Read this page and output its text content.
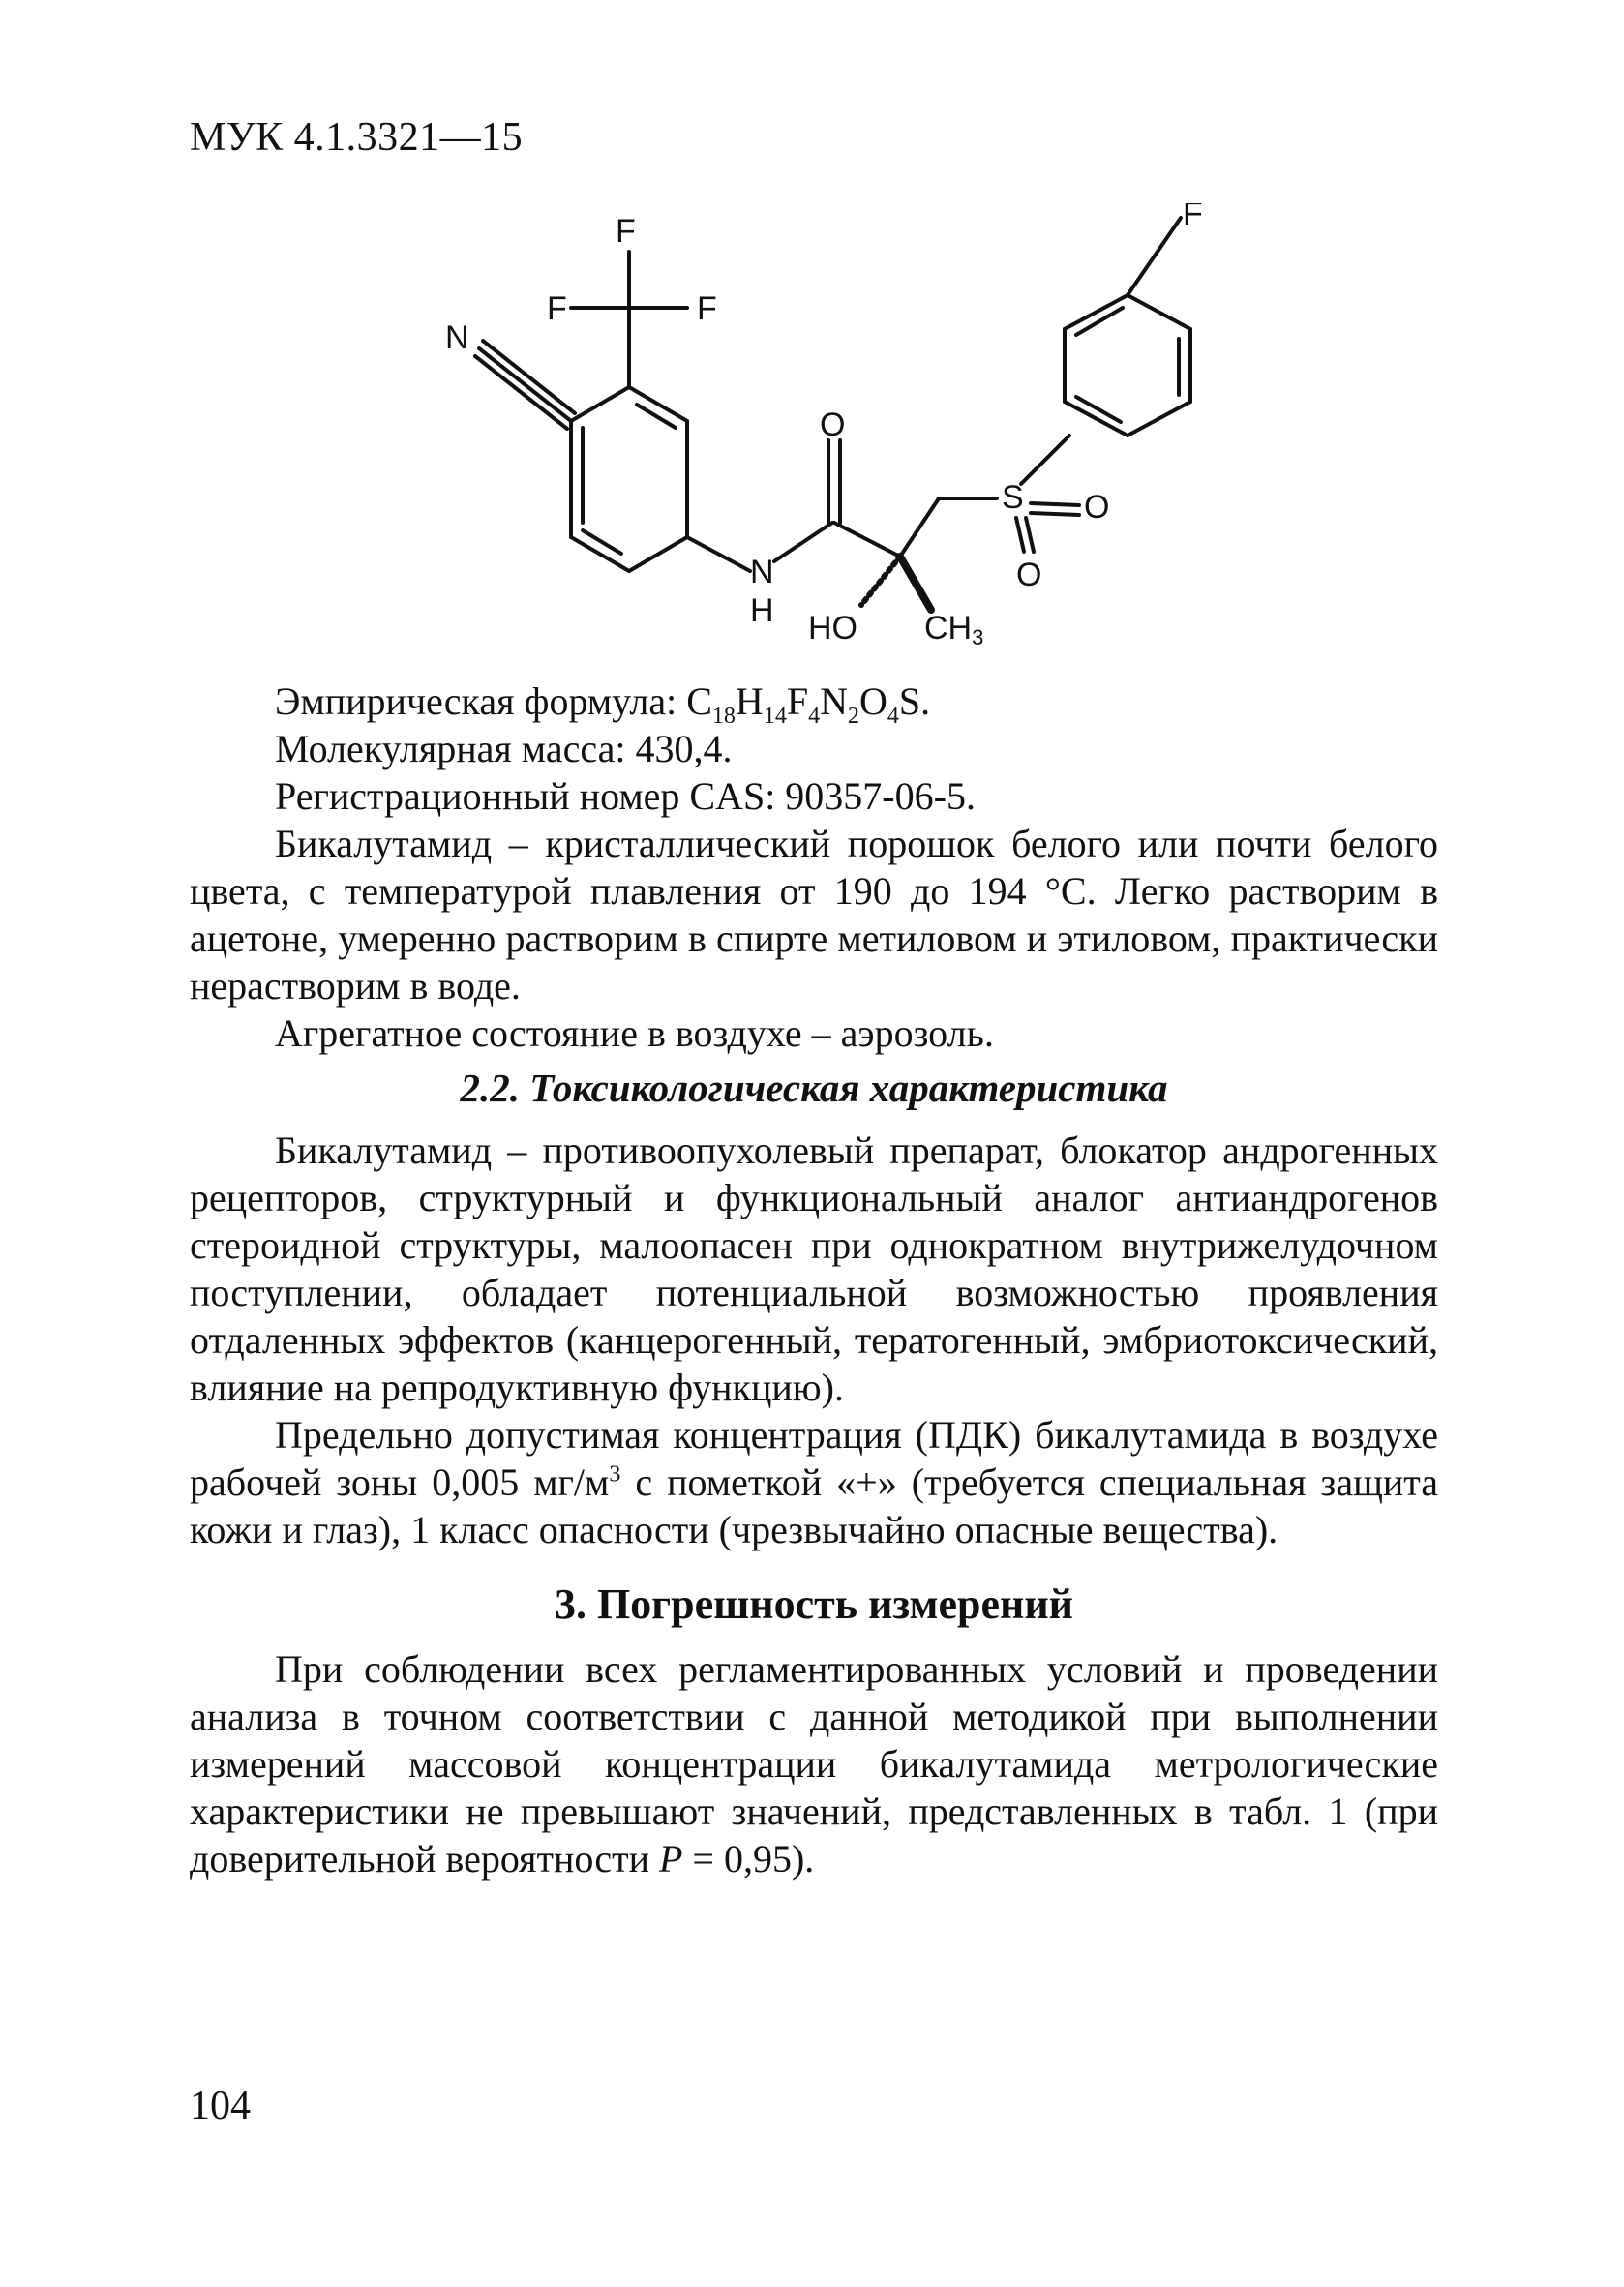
МУК 4.1.3321—15
F
F	F
N
O
N
H
S O
O
HO CH3
F

Эмпирическая формула: $C_{18}H_{14}F_4N_2O_4S$.

Молекулярная масса: 430,4.

Регистрационный номер CAS: 90357-06-5.

Бикалутамид – кристаллический порошок белого или почти белого цвета, с температурой плавления от 190 до 194 °С. Легко растворим в ацетоне, умеренно растворим в спирте метиловом и этиловом, практически нерастворим в воде.

Агрегатное состояние в воздухе – аэрозоль.

2.2. Токсикологическая характеристика

Бикалутамид – противоопухолевый препарат, блокатор андрогенных рецепторов, структурный и функциональный аналог антиандрогенов стероидной структуры, малоопасен при однократном внутрижелудочном поступлении, обладает потенциальной возможностью проявления отдаленных эффектов (канцерогенный, тератогенный, эмбриотоксический, влияние на репродуктивную функцию).

Предельно допустимая концентрация (ПДК) бикалутамида в воздухе рабочей зоны 0,005 $мг/м^3$ с пометкой «+» (требуется специальная защита кожи и глаз), 1 класс опасности (чрезвычайно опасные вещества).

3. Погрешность измерений

При соблюдении всех регламентированных условий и проведении анализа в точном соответствии с данной методикой при выполнении измерений массовой концентрации бикалутамида метрологические характеристики не превышают значений, представленных в табл. 1 (при доверительной вероятности P = 0,95).

104
